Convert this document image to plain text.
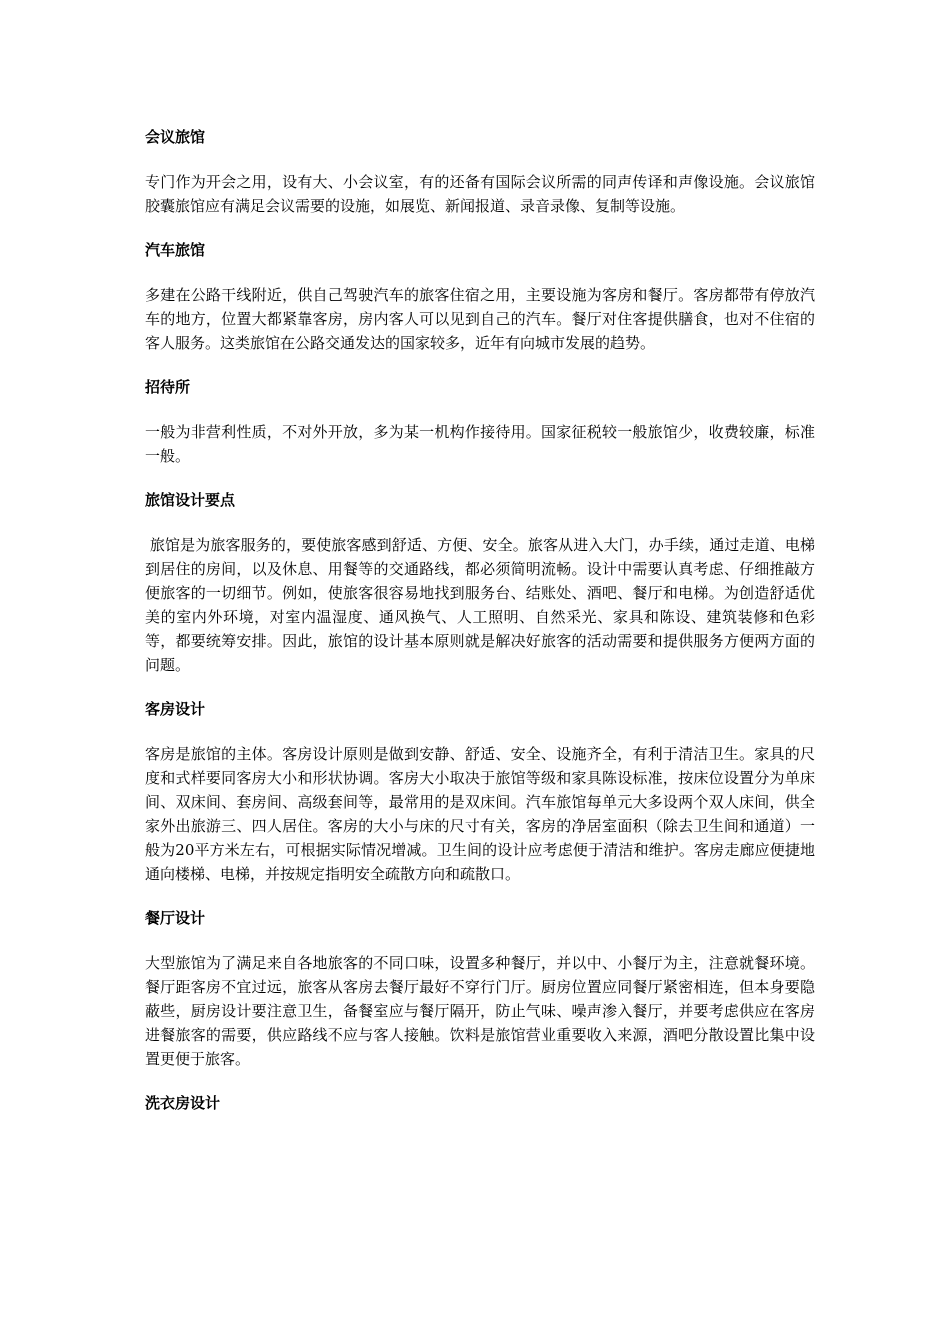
会议旅馆
专门作为开会之用，设有大、小会议室，有的还备有国际会议所需的同声传译和声像设施。会议旅馆　 胶囊旅馆应有满足会议需要的设施，如展览、新闻报道、录音录像、复制等设施。
汽车旅馆
多建在公路干线附近，供自己驾驶汽车的旅客住宿之用，主要设施为客房和餐厅。客房都带有停放汽车的地方，位置大都紧靠客房，房内客人可以见到自己的汽车。餐厅对住客提供膳食，也对不住宿的客人服务。这类旅馆在公路交通发达的国家较多，近年有向城市发展的趋势。
招待所
一般为非营利性质，不对外开放，多为某一机构作接待用。国家征税较一般旅馆少，收费较廉，标准一般。
旅馆设计要点
旅馆是为旅客服务的，要使旅客感到舒适、方便、安全。旅客从进入大门，办手续，通过走道、电梯到居住的房间，以及休息、用餐等的交通路线，都必须简明流畅。设计中需要认真考虑、仔细推敲方便旅客的一切细节。例如，使旅客很容易地找到服务台、结账处、酒吧、餐厅和电梯。为创造舒适优美的室内外环境，对室内温湿度、通风换气、人工照明、自然采光、家具和陈设、建筑装修和色彩等，都要统筹安排。因此，旅馆的设计基本原则就是解决好旅客的活动需要和提供服务方便两方面的问题。
客房设计
客房是旅馆的主体。客房设计原则是做到安静、舒适、安全、设施齐全，有利于清洁卫生。家具的尺度和式样要同客房大小和形状协调。客房大小取决于旅馆等级和家具陈设标准，按床位设置分为单床间、双床间、套房间、高级套间等，最常用的是双床间。汽车旅馆每单元大多设两个双人床间，供全家外出旅游三、四人居住。客房的大小与床的尺寸有关，客房的净居室面积（除去卫生间和通道）一般为20平方米左右，可根据实际情况增减。卫生间的设计应考虑便于清洁和维护。客房走廊应便捷地通向楼梯、电梯，并按规定指明安全疏散方向和疏散口。
餐厅设计
大型旅馆为了满足来自各地旅客的不同口味，设置多种餐厅，并以中、小餐厅为主，注意就餐环境。餐厅距客房不宜过远，旅客从客房去餐厅最好不穿行门厅。厨房位置应同餐厅紧密相连，但本身要隐蔽些，厨房设计要注意卫生，备餐室应与餐厅隔开，防止气味、噪声渗入餐厅，并要考虑供应在客房进餐旅客的需要，供应路线不应与客人接触。饮料是旅馆营业重要收入来源，酒吧分散设置比集中设置更便于旅客。
洗衣房设计
